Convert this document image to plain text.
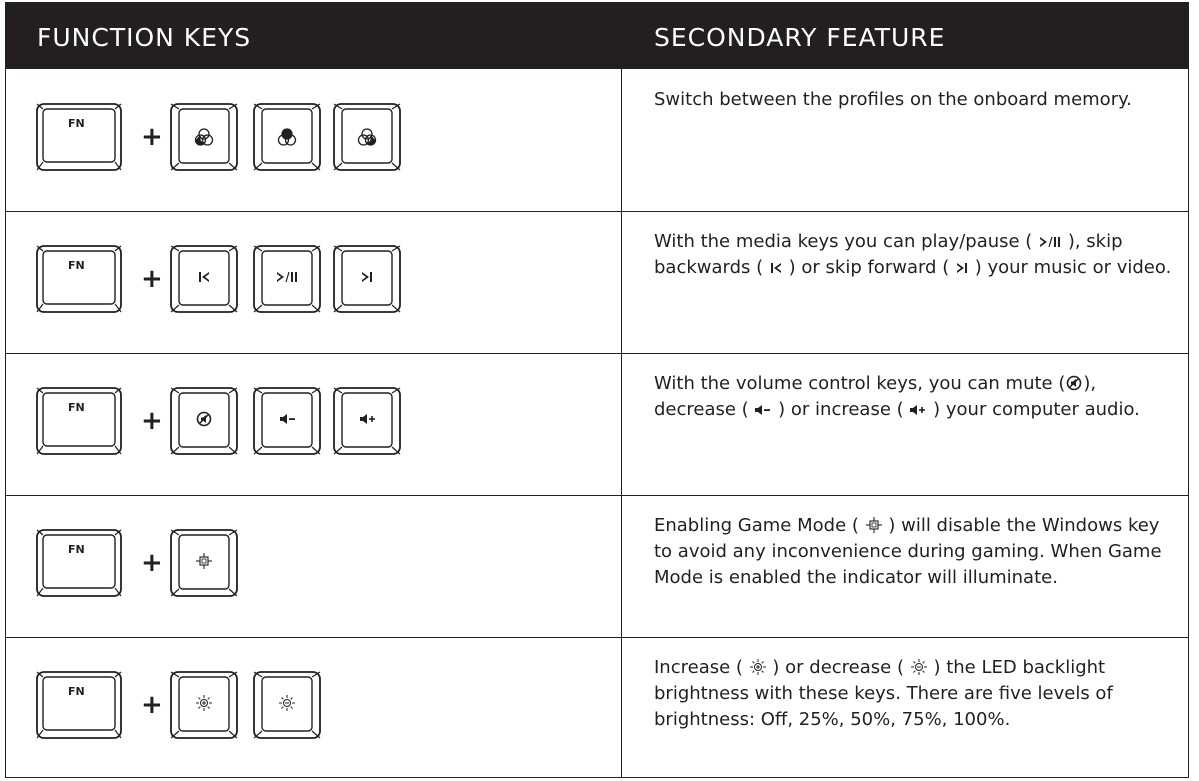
FUNCTION KEYS	SECONDARY FEATURE
FN +
Switch between the profiles on the onboard memory.
FN +
With the media keys you can play/pause ( ), skip backwards ( ) or skip forward ( ) your music or video.
FN +
With the volume control keys, you can mute ( ), decrease ( ) or increase ( ) your computer audio.
FN +
Enabling Game Mode ( ) will disable the Windows key to avoid any inconvenience during gaming. When Game Mode is enabled the indicator will illuminate.
FN +
Increase ( ) or decrease ( ) the LED backlight brightness with these keys. There are five levels of brightness: Off, 25%, 50%, 75%, 100%.
